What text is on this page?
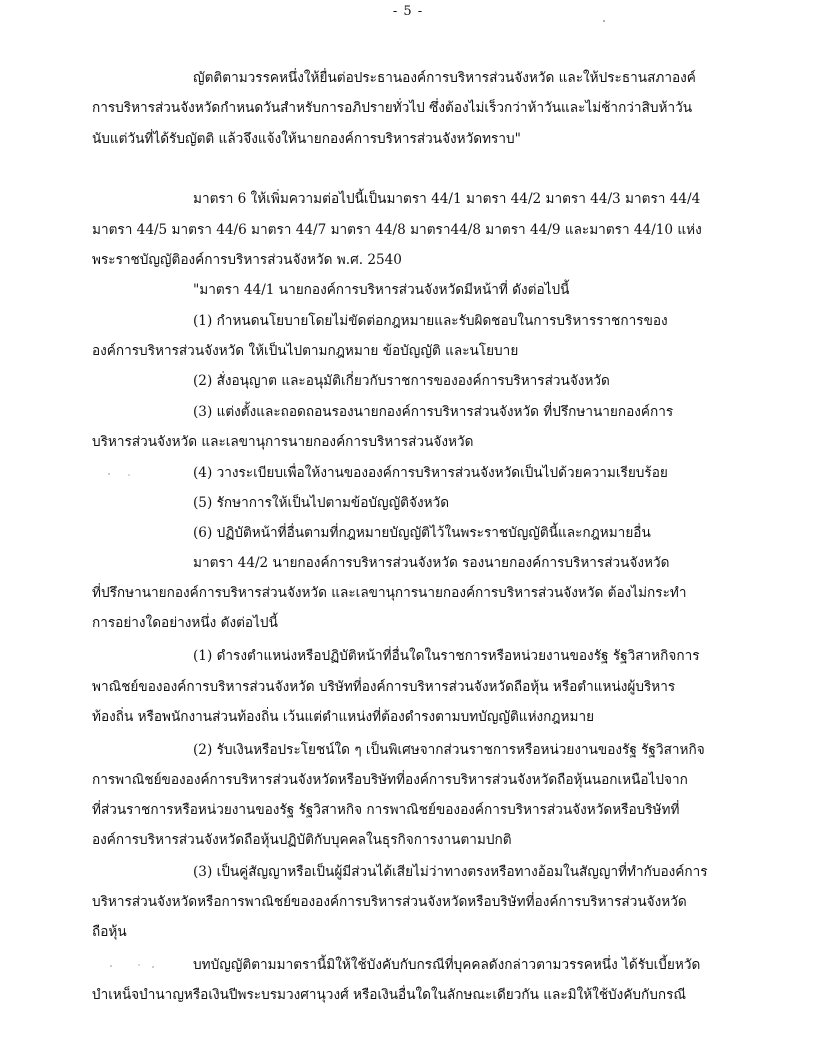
- 5 -
ญัตติตามวรรคหนึ่งให้ยื่นต่อประธานองค์การบริหารส่วนจังหวัด และให้ประธานสภาองค์
การบริหารส่วนจังหวัดกำหนดวันสำหรับการอภิปรายทั่วไป ซึ่งต้องไม่เร็วกว่าห้าวันและไม่ช้ากว่าสิบห้าวัน
นับแต่วันที่ได้รับญัตติ แล้วจึงแจ้งให้นายกองค์การบริหารส่วนจังหวัดทราบ"
มาตรา 6 ให้เพิ่มความต่อไปนี้เป็นมาตรา 44/1 มาตรา 44/2 มาตรา 44/3 มาตรา 44/4
มาตรา 44/5 มาตรา 44/6 มาตรา 44/7 มาตรา 44/8 มาตรา44/8 มาตรา 44/9 และมาตรา 44/10 แห่ง
พระราชบัญญัติองค์การบริหารส่วนจังหวัด พ.ศ. 2540
"มาตรา 44/1 นายกองค์การบริหารส่วนจังหวัดมีหน้าที่ ดังต่อไปนี้
(1) กำหนดนโยบายโดยไม่ขัดต่อกฎหมายและรับผิดชอบในการบริหารราชการของ
องค์การบริหารส่วนจังหวัด ให้เป็นไปตามกฎหมาย ข้อบัญญัติ และนโยบาย
(2) สั่งอนุญาต และอนุมัติเกี่ยวกับราชการขององค์การบริหารส่วนจังหวัด
(3) แต่งตั้งและถอดถอนรองนายกองค์การบริหารส่วนจังหวัด ที่ปรึกษานายกองค์การ
บริหารส่วนจังหวัด และเลขานุการนายกองค์การบริหารส่วนจังหวัด
(4) วางระเบียบเพื่อให้งานขององค์การบริหารส่วนจังหวัดเป็นไปด้วยความเรียบร้อย
(5) รักษาการให้เป็นไปตามข้อบัญญัติจังหวัด
(6) ปฏิบัติหน้าที่อื่นตามที่กฎหมายบัญญัติไว้ในพระราชบัญญัตินี้และกฎหมายอื่น
มาตรา 44/2 นายกองค์การบริหารส่วนจังหวัด รองนายกองค์การบริหารส่วนจังหวัด
ที่ปรึกษานายกองค์การบริหารส่วนจังหวัด และเลขานุการนายกองค์การบริหารส่วนจังหวัด ต้องไม่กระทำ
การอย่างใดอย่างหนึ่ง ดังต่อไปนี้
(1) ดำรงตำแหน่งหรือปฏิบัติหน้าที่อื่นใดในราชการหรือหน่วยงานของรัฐ รัฐวิสาหกิจการ
พาณิชย์ขององค์การบริหารส่วนจังหวัด บริษัทที่องค์การบริหารส่วนจังหวัดถือหุ้น หรือตำแหน่งผู้บริหาร
ท้องถิ่น หรือพนักงานส่วนท้องถิ่น เว้นแต่ตำแหน่งที่ต้องดำรงตามบทบัญญัติแห่งกฎหมาย
(2) รับเงินหรือประโยชน์ใด ๆ เป็นพิเศษจากส่วนราชการหรือหน่วยงานของรัฐ รัฐวิสาหกิจ
การพาณิชย์ขององค์การบริหารส่วนจังหวัดหรือบริษัทที่องค์การบริหารส่วนจังหวัดถือหุ้นนอกเหนือไปจาก
ที่ส่วนราชการหรือหน่วยงานของรัฐ รัฐวิสาหกิจ การพาณิชย์ขององค์การบริหารส่วนจังหวัดหรือบริษัทที่
องค์การบริหารส่วนจังหวัดถือหุ้นปฏิบัติกับบุคคลในธุรกิจการงานตามปกติ
(3) เป็นคู่สัญญาหรือเป็นผู้มีส่วนได้เสียไม่ว่าทางตรงหรือทางอ้อมในสัญญาที่ทำกับองค์การ
บริหารส่วนจังหวัดหรือการพาณิชย์ขององค์การบริหารส่วนจังหวัดหรือบริษัทที่องค์การบริหารส่วนจังหวัด
ถือหุ้น
บทบัญญัติตามมาตรานี้มิให้ใช้บังคับกับกรณีที่บุคคลดังกล่าวตามวรรคหนึ่ง ได้รับเบี้ยหวัด
บำเหน็จบำนาญหรือเงินปีพระบรมวงศานุวงศ์ หรือเงินอื่นใดในลักษณะเดียวกัน และมิให้ใช้บังคับกับกรณี
